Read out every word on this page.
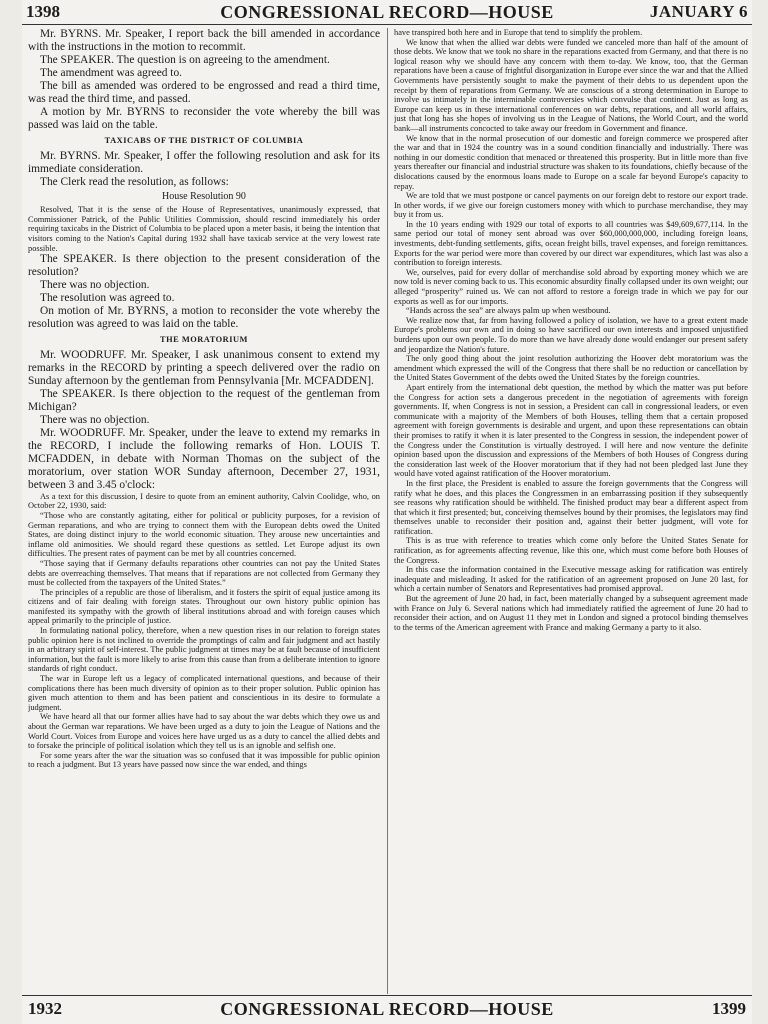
1398	CONGRESSIONAL RECORD—HOUSE	JANUARY 6

Mr. BYRNS. Mr. Speaker, I report back the bill amended in accordance with the instructions in the motion to recommit.

The SPEAKER. The question is on agreeing to the amendment.

The amendment was agreed to.

The bill as amended was ordered to be engrossed and read a third time, was read the third time, and passed.

A motion by Mr. BYRNS to reconsider the vote whereby the bill was passed was laid on the table.

TAXICABS OF THE DISTRICT OF COLUMBIA

Mr. BYRNS. Mr. Speaker, I offer the following resolution and ask for its immediate consideration.

The Clerk read the resolution, as follows:

House Resolution 90

Resolved, That it is the sense of the House of Representatives, unanimously expressed, that Commissioner Patrick, of the Public Utilities Commission, should rescind immediately his order requiring taxicabs in the District of Columbia to be placed upon a meter basis, it being the intention that visitors coming to the Nation's Capital during 1932 shall have taxicab service at the very lowest rate possible.

The SPEAKER. Is there objection to the present consideration of the resolution?

There was no objection.

The resolution was agreed to.

On motion of Mr. BYRNS, a motion to reconsider the vote whereby the resolution was agreed to was laid on the table.

THE MORATORIUM

Mr. WOODRUFF. Mr. Speaker, I ask unanimous consent to extend my remarks in the RECORD by printing a speech delivered over the radio on Sunday afternoon by the gentleman from Pennsylvania [Mr. MCFADDEN].

The SPEAKER. Is there objection to the request of the gentleman from Michigan?

There was no objection.

Mr. WOODRUFF. Mr. Speaker, under the leave to extend my remarks in the RECORD, I include the following remarks of Hon. LOUIS T. MCFADDEN, in debate with Norman Thomas on the subject of the moratorium, over station WOR Sunday afternoon, December 27, 1931, between 3 and 3.45 o'clock:

As a text for this discussion, I desire to quote from an eminent authority, Calvin Coolidge, who, on October 22, 1930, said:

“Those who are constantly agitating, either for political or publicity purposes, for a revision of German reparations, and who are trying to connect them with the European debts owed the United States, are doing distinct injury to the world economic situation. They arouse new uncertainties and inflame old animosities. We should regard these questions as settled. Let Europe adjust its own difficulties. The present rates of payment can be met by all countries concerned.

“Those saying that if Germany defaults reparations other countries can not pay the United States debts are overreaching themselves. That means that if reparations are not collected from Germany they must be collected from the taxpayers of the United States.”

The principles of a republic are those of liberalism, and it fosters the spirit of equal justice among its citizens and of fair dealing with foreign states. Throughout our own history public opinion has manifested its sympathy with the growth of liberal institutions abroad and with foreign causes which appeal primarily to the principle of justice.

In formulating national policy, therefore, when a new question rises in our relation to foreign states public opinion here is not inclined to override the promptings of calm and fair judgment and act hastily in an arbitrary spirit of self-interest. The public judgment at times may be at fault because of insufficient information, but the fault is more likely to arise from this cause than from a deliberate intention to ignore standards of right conduct.

The war in Europe left us a legacy of complicated international questions, and because of their complications there has been much diversity of opinion as to their proper solution. Public opinion has given much attention to them and has been patient and conscientious in its desire to formulate a judgment.

We have heard all that our former allies have had to say about the war debts which they owe us and about the German war reparations. We have been urged as a duty to join the League of Nations and the World Court. Voices from Europe and voices here have urged us as a duty to cancel the allied debts and to forsake the principle of political isolation which they tell us is an ignoble and selfish one.

For some years after the war the situation was so confused that it was impossible for public opinion to reach a judgment. But 13 years have passed now since the war ended, and things

have transpired both here and in Europe that tend to simplify the problem.

We know that when the allied war debts were funded we canceled more than half of the amount of those debts. We know that we took no share in the reparations exacted from Germany, and that there is no logical reason why we should have any concern with them to-day. We know, too, that the German reparations have been a cause of frightful disorganization in Europe ever since the war and that the Allied Governments have persistently sought to make the payment of their debts to us dependent upon the receipt by them of reparations from Germany. We are conscious of a strong determination in Europe to involve us intimately in the interminable controversies which convulse that continent. Just as long as Europe can keep us in these international conferences on war debts, reparations, and all world affairs, just that long has she hopes of involving us in the League of Nations, the World Court, and the world bank—all instruments concocted to take away our freedom in Government and finance.

We know that in the normal prosecution of our domestic and foreign commerce we prospered after the war and that in 1924 the country was in a sound condition financially and industrially. There was nothing in our domestic condition that menaced or threatened this prosperity. But in little more than five years thereafter our financial and industrial structure was shaken to its foundations, chiefly because of the dislocations caused by the enormous loans made to Europe on a scale far beyond Europe's capacity to repay.

We are told that we must postpone or cancel payments on our foreign debt to restore our export trade. In other words, if we give our foreign customers money with which to purchase merchandise, they may buy it from us.

In the 10 years ending with 1929 our total of exports to all countries was $49,609,677,114. In the same period our total of money sent abroad was over $60,000,000,000, including foreign loans, investments, debt-funding settlements, gifts, ocean freight bills, travel expenses, and foreign remittances. Exports for the war period were more than covered by our direct war expenditures, which last was also a contribution to foreign interests.

We, ourselves, paid for every dollar of merchandise sold abroad by exporting money which we are now told is never coming back to us. This economic absurdity finally collapsed under its own weight; our alleged “prosperity” ruined us. We can not afford to restore a foreign trade in which we pay for our exports as well as for our imports.

“Hands across the sea” are always palm up when westbound.

We realize now that, far from having followed a policy of isolation, we have to a great extent made Europe's problems our own and in doing so have sacrificed our own interests and imposed unjustified burdens upon our own people. To do more than we have already done would endanger our present safety and jeopardize the Nation's future.

The only good thing about the joint resolution authorizing the Hoover debt moratorium was the amendment which expressed the will of the Congress that there shall be no reduction or cancellation by the United States Government of the debts owed the United States by the foreign countries.

Apart entirely from the international debt question, the method by which the matter was put before the Congress for action sets a dangerous precedent in the negotiation of agreements with foreign governments. If, when Congress is not in session, a President can call in congressional leaders, or even communicate with a majority of the Members of both Houses, telling them that a certain proposed agreement with foreign governments is desirable and urgent, and upon these representations can obtain their promises to ratify it when it is later presented to the Congress in session, the independent power of the Congress under the Constitution is virtually destroyed. I will here and now venture the definite opinion based upon the discussion and expressions of the Members of both Houses of Congress during the consideration last week of the Hoover moratorium that if they had not been pledged last June they would have voted against ratification of the Hoover moratorium.

In the first place, the President is enabled to assure the foreign governments that the Congress will ratify what he does, and this places the Congressmen in an embarrassing position if they subsequently see reasons why ratification should be withheld. The finished product may bear a different aspect from that which it first presented; but, conceiving themselves bound by their promises, the legislators may find themselves unable to reconsider their position and, against their better judgment, will vote for ratification.

This is as true with reference to treaties which come only before the United States Senate for ratification, as for agreements affecting revenue, like this one, which must come before both Houses of the Congress.

In this case the information contained in the Executive message asking for ratification was entirely inadequate and misleading. It asked for the ratification of an agreement proposed on June 20 last, for which a certain number of Senators and Representatives had promised approval.

But the agreement of June 20 had, in fact, been materially changed by a subsequent agreement made with France on July 6. Several nations which had immediately ratified the agreement of June 20 had to reconsider their action, and on August 11 they met in London and signed a protocol binding themselves to the terms of the American agreement with France and making Germany a party to it also.

1932	CONGRESSIONAL RECORD—HOUSE	1399
